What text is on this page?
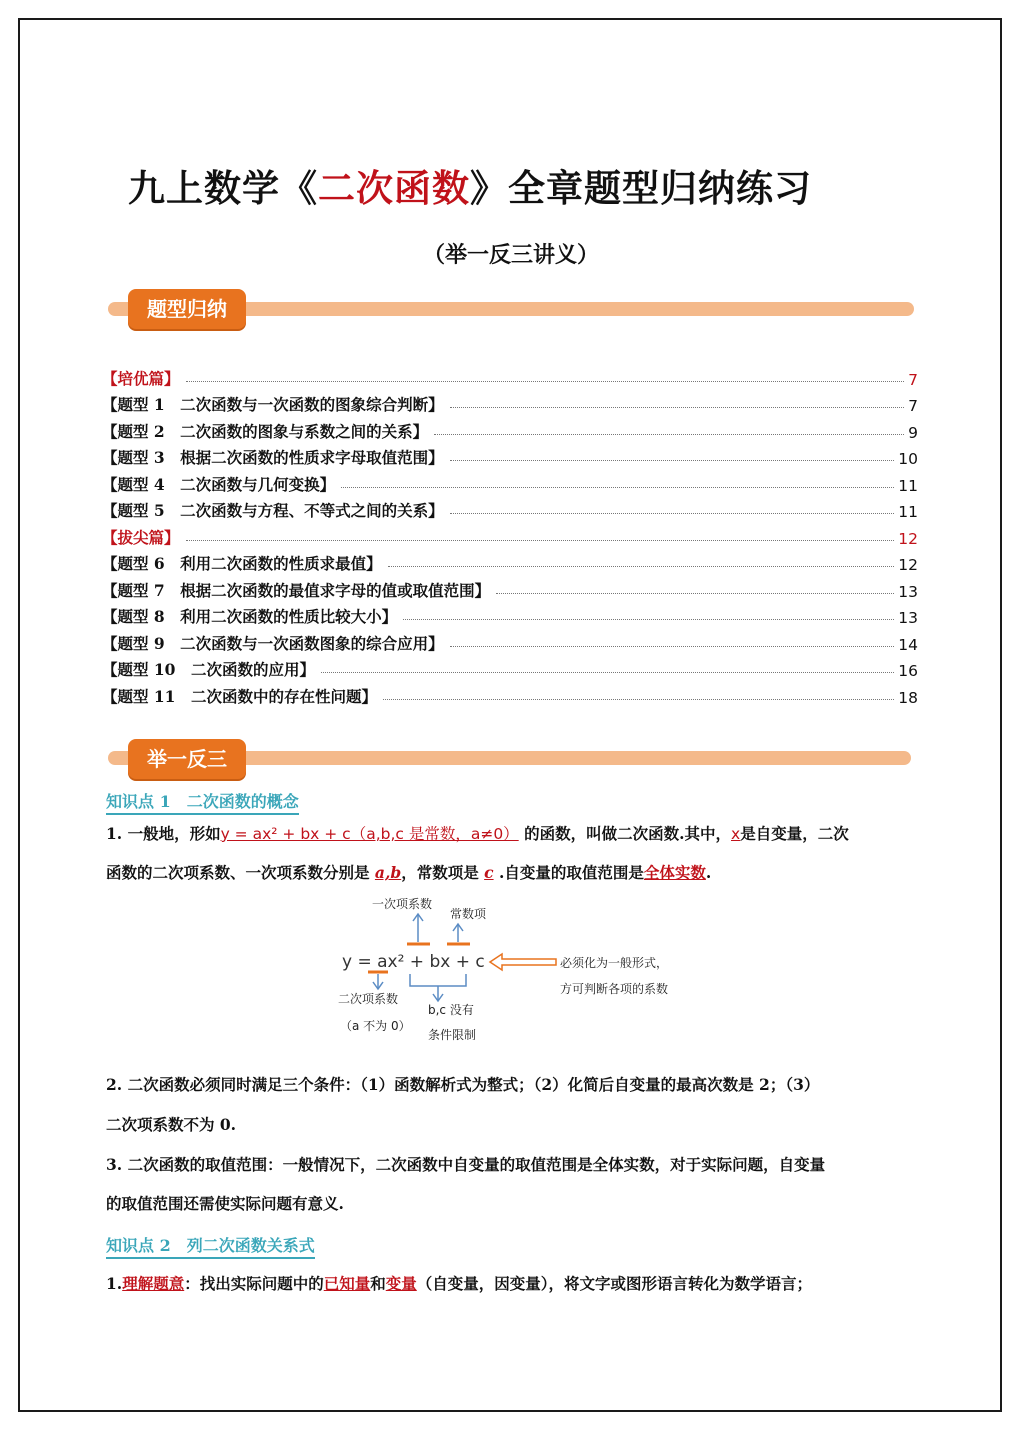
九上数学《二次函数》全章题型归纳练习
（举一反三讲义）
题型归纳
【培优篇】	7
【题型 1　二次函数与一次函数的图象综合判断】	7
【题型 2　二次函数的图象与系数之间的关系】	9
【题型 3　根据二次函数的性质求字母取值范围】	10
【题型 4　二次函数与几何变换】	11
【题型 5　二次函数与方程、不等式之间的关系】	11
【拔尖篇】	12
【题型 6　利用二次函数的性质求最值】	12
【题型 7　根据二次函数的最值求字母的值或取值范围】	13
【题型 8　利用二次函数的性质比较大小】	13
【题型 9　二次函数与一次函数图象的综合应用】	14
【题型 10　二次函数的应用】	16
【题型 11　二次函数中的存在性问题】	18
举一反三
知识点 1　二次函数的概念
1. 一般地，形如y = ax² + bx + c（a,b,c 是常数，a≠0） 的函数，叫做二次函数.其中，x是自变量，二次
函数的二次项系数、一次项系数分别是 a,b，常数项是 c .自变量的取值范围是全体实数.
一次项系数
常数项
y = ax² + bx + c	必须化为一般形式，
方可判断各项的系数
二次项系数
（a 不为 0）
b,c 没有
条件限制
2. 二次函数必须同时满足三个条件：（1）函数解析式为整式；（2）化简后自变量的最高次数是 2；（3）
二次项系数不为 0.
3. 二次函数的取值范围：一般情况下，二次函数中自变量的取值范围是全体实数，对于实际问题，自变量
的取值范围还需使实际问题有意义.
知识点 2　列二次函数关系式
1.理解题意：找出实际问题中的已知量和变量（自变量，因变量），将文字或图形语言转化为数学语言；
